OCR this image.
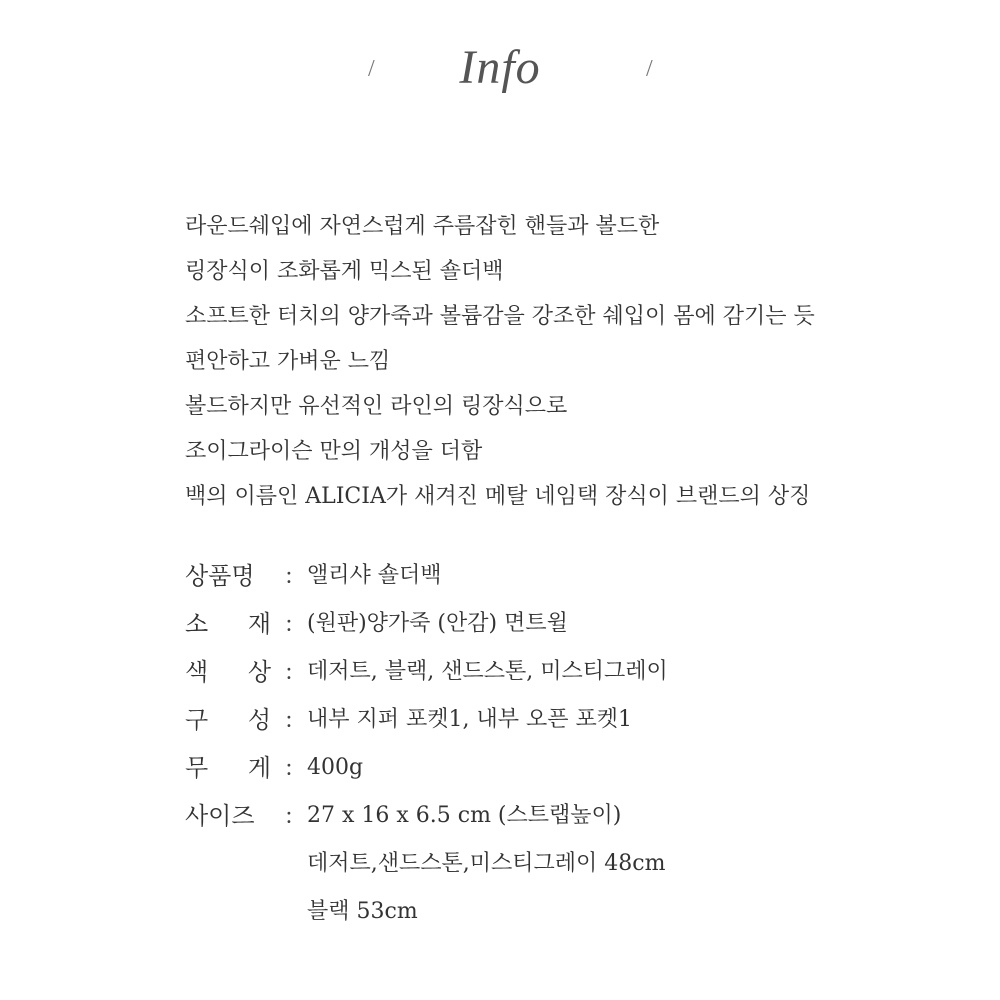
/	Info	/
라운드쉐입에 자연스럽게 주름잡힌 핸들과 볼드한
링장식이 조화롭게 믹스된 숄더백
소프트한 터치의 양가죽과 볼륨감을 강조한 쉐입이 몸에 감기는 듯
편안하고 가벼운 느낌
볼드하지만 유선적인 라인의 링장식으로
조이그라이슨 만의 개성을 더함
백의 이름인 ALICIA가 새겨진 메탈 네임택 장식이 브랜드의 상징
상품명	: 앨리샤 숄더백
소 재 : (원판)양가죽 (안감) 면트윌
색 상 : 데저트, 블랙, 샌드스톤, 미스티그레이
구 성 : 내부 지퍼 포켓1, 내부 오픈 포켓1
무 게 : 400g
사이즈	: 27 x 16 x 6.5 cm (스트랩높이)
데저트,샌드스톤,미스티그레이 48cm
블랙 53cm
